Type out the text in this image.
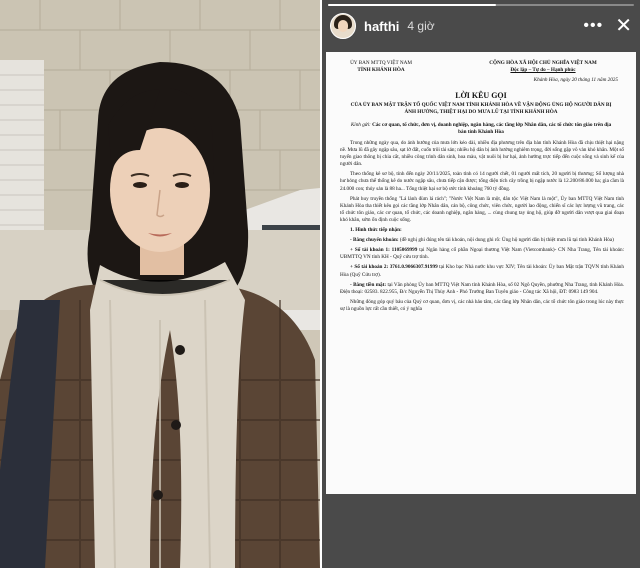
hafthi 4 giờ	••• ✕
ỦY BAN MTTQ VIỆT NAM
TỈNH KHÁNH HÒA
CỘNG HÒA XÃ HỘI CHỦ NGHĨA VIỆT NAM
Độc lập – Tự do – Hạnh phúc
Khánh Hòa, ngày 20 tháng 11 năm 2025
LỜI KÊU GỌI
CỦA ỦY BAN MẶT TRẬN TỔ QUỐC VIỆT NAM TỈNH KHÁNH HÒA VỀ VẬN ĐỘNG ỦNG HỘ NGƯỜI DÂN BỊ ẢNH HƯỞNG, THIỆT HẠI DO MƯA LŨ TẠI TỈNH KHÁNH HÒA
Kính gửi: Các cơ quan, tổ chức, đơn vị, doanh nghiệp, ngân hàng, các tầng lớp Nhân dân, các tổ chức tôn giáo trên địa bàn tỉnh Khánh Hòa

Trong những ngày qua, do ảnh hưởng của mưa lớn kéo dài, nhiều địa phương trên địa bàn tỉnh Khánh Hòa đã chịu thiệt hại nặng nề. Mưa lũ đã gây ngập sâu, sạt lở đất, cuốn trôi tài sản; nhiều hộ dân bị ảnh hưởng nghiêm trọng, đời sống gặp vô vàn khó khăn. Một số tuyến giao thông bị chia cắt, nhiều công trình dân sinh, hoa màu, vật nuôi bị hư hại, ảnh hưởng trực tiếp đến cuộc sống và sinh kế của người dân.

Theo thống kê sơ bộ, tính đến ngày 20/11/2025, toàn tỉnh có 14 người chết, 01 người mất tích, 20 người bị thương; Số lượng nhà hư hỏng chưa thể thống kê do nước ngập sâu, chưa tiếp cận được; tổng diện tích cây trồng bị ngập nước là 12.200/86.000 ha; gia cầm là 24.000 con; thủy sản là 88 ha... Tổng thiệt hại sơ bộ ước tính khoảng 760 tỷ đồng.

Phát huy truyền thống "Lá lành đùm lá rách"; "Nước Việt Nam là một, dân tộc Việt Nam là một", Ủy ban MTTQ Việt Nam tỉnh Khánh Hòa tha thiết kêu gọi các tầng lớp Nhân dân, cán bộ, công chức, viên chức, người lao động, chiến sĩ các lực lượng vũ trang, các tổ chức tôn giáo, các cơ quan, tổ chức, các doanh nghiệp, ngân hàng, ... cùng chung tay ủng hộ, giúp đỡ người dân vượt qua giai đoạn khó khăn, sớm ổn định cuộc sống.

1. Hình thức tiếp nhận:

- Bằng chuyển khoản: (đề nghị ghi đúng tên tài khoản, nội dung ghi rõ: Ủng hộ người dân bị thiệt mưa lũ tại tỉnh Khánh Hòa)

+ Số tài khoản 1: 1105069999 tại Ngân hàng cổ phần Ngoại thương Việt Nam (Vietcombank)- CN Nha Trang, Tên tài khoản: UBMTTQ VN tỉnh KH - Quỹ cứu trợ tỉnh.

+ Số tài khoản 2: 3761.0.9066307.91999 tại Kho bạc Nhà nước khu vực XIV; Tên tài khoản: Ủy ban Mặt trận TQVN tỉnh Khánh Hòa (Quỹ Cứu trợ).

- Bằng tiền mặt: tại Văn phòng Ủy ban MTTQ Việt Nam tỉnh Khánh Hòa, số 02 Ngô Quyền, phường Nha Trang, tỉnh Khánh Hòa. Điện thoại: 02583. 822.955, Đ/c Nguyễn Thị Thùy Anh - Phó Trưởng Ban Tuyên giáo - Công tác Xã hội, ĐT: 0983 149 904.

Những đóng góp quý báu của Quý cơ quan, đơn vị, các nhà hảo tâm, các tầng lớp Nhân dân, các tổ chức tôn giáo trong lúc này thực sự là nguồn lực rất cần thiết, có ý nghĩa
